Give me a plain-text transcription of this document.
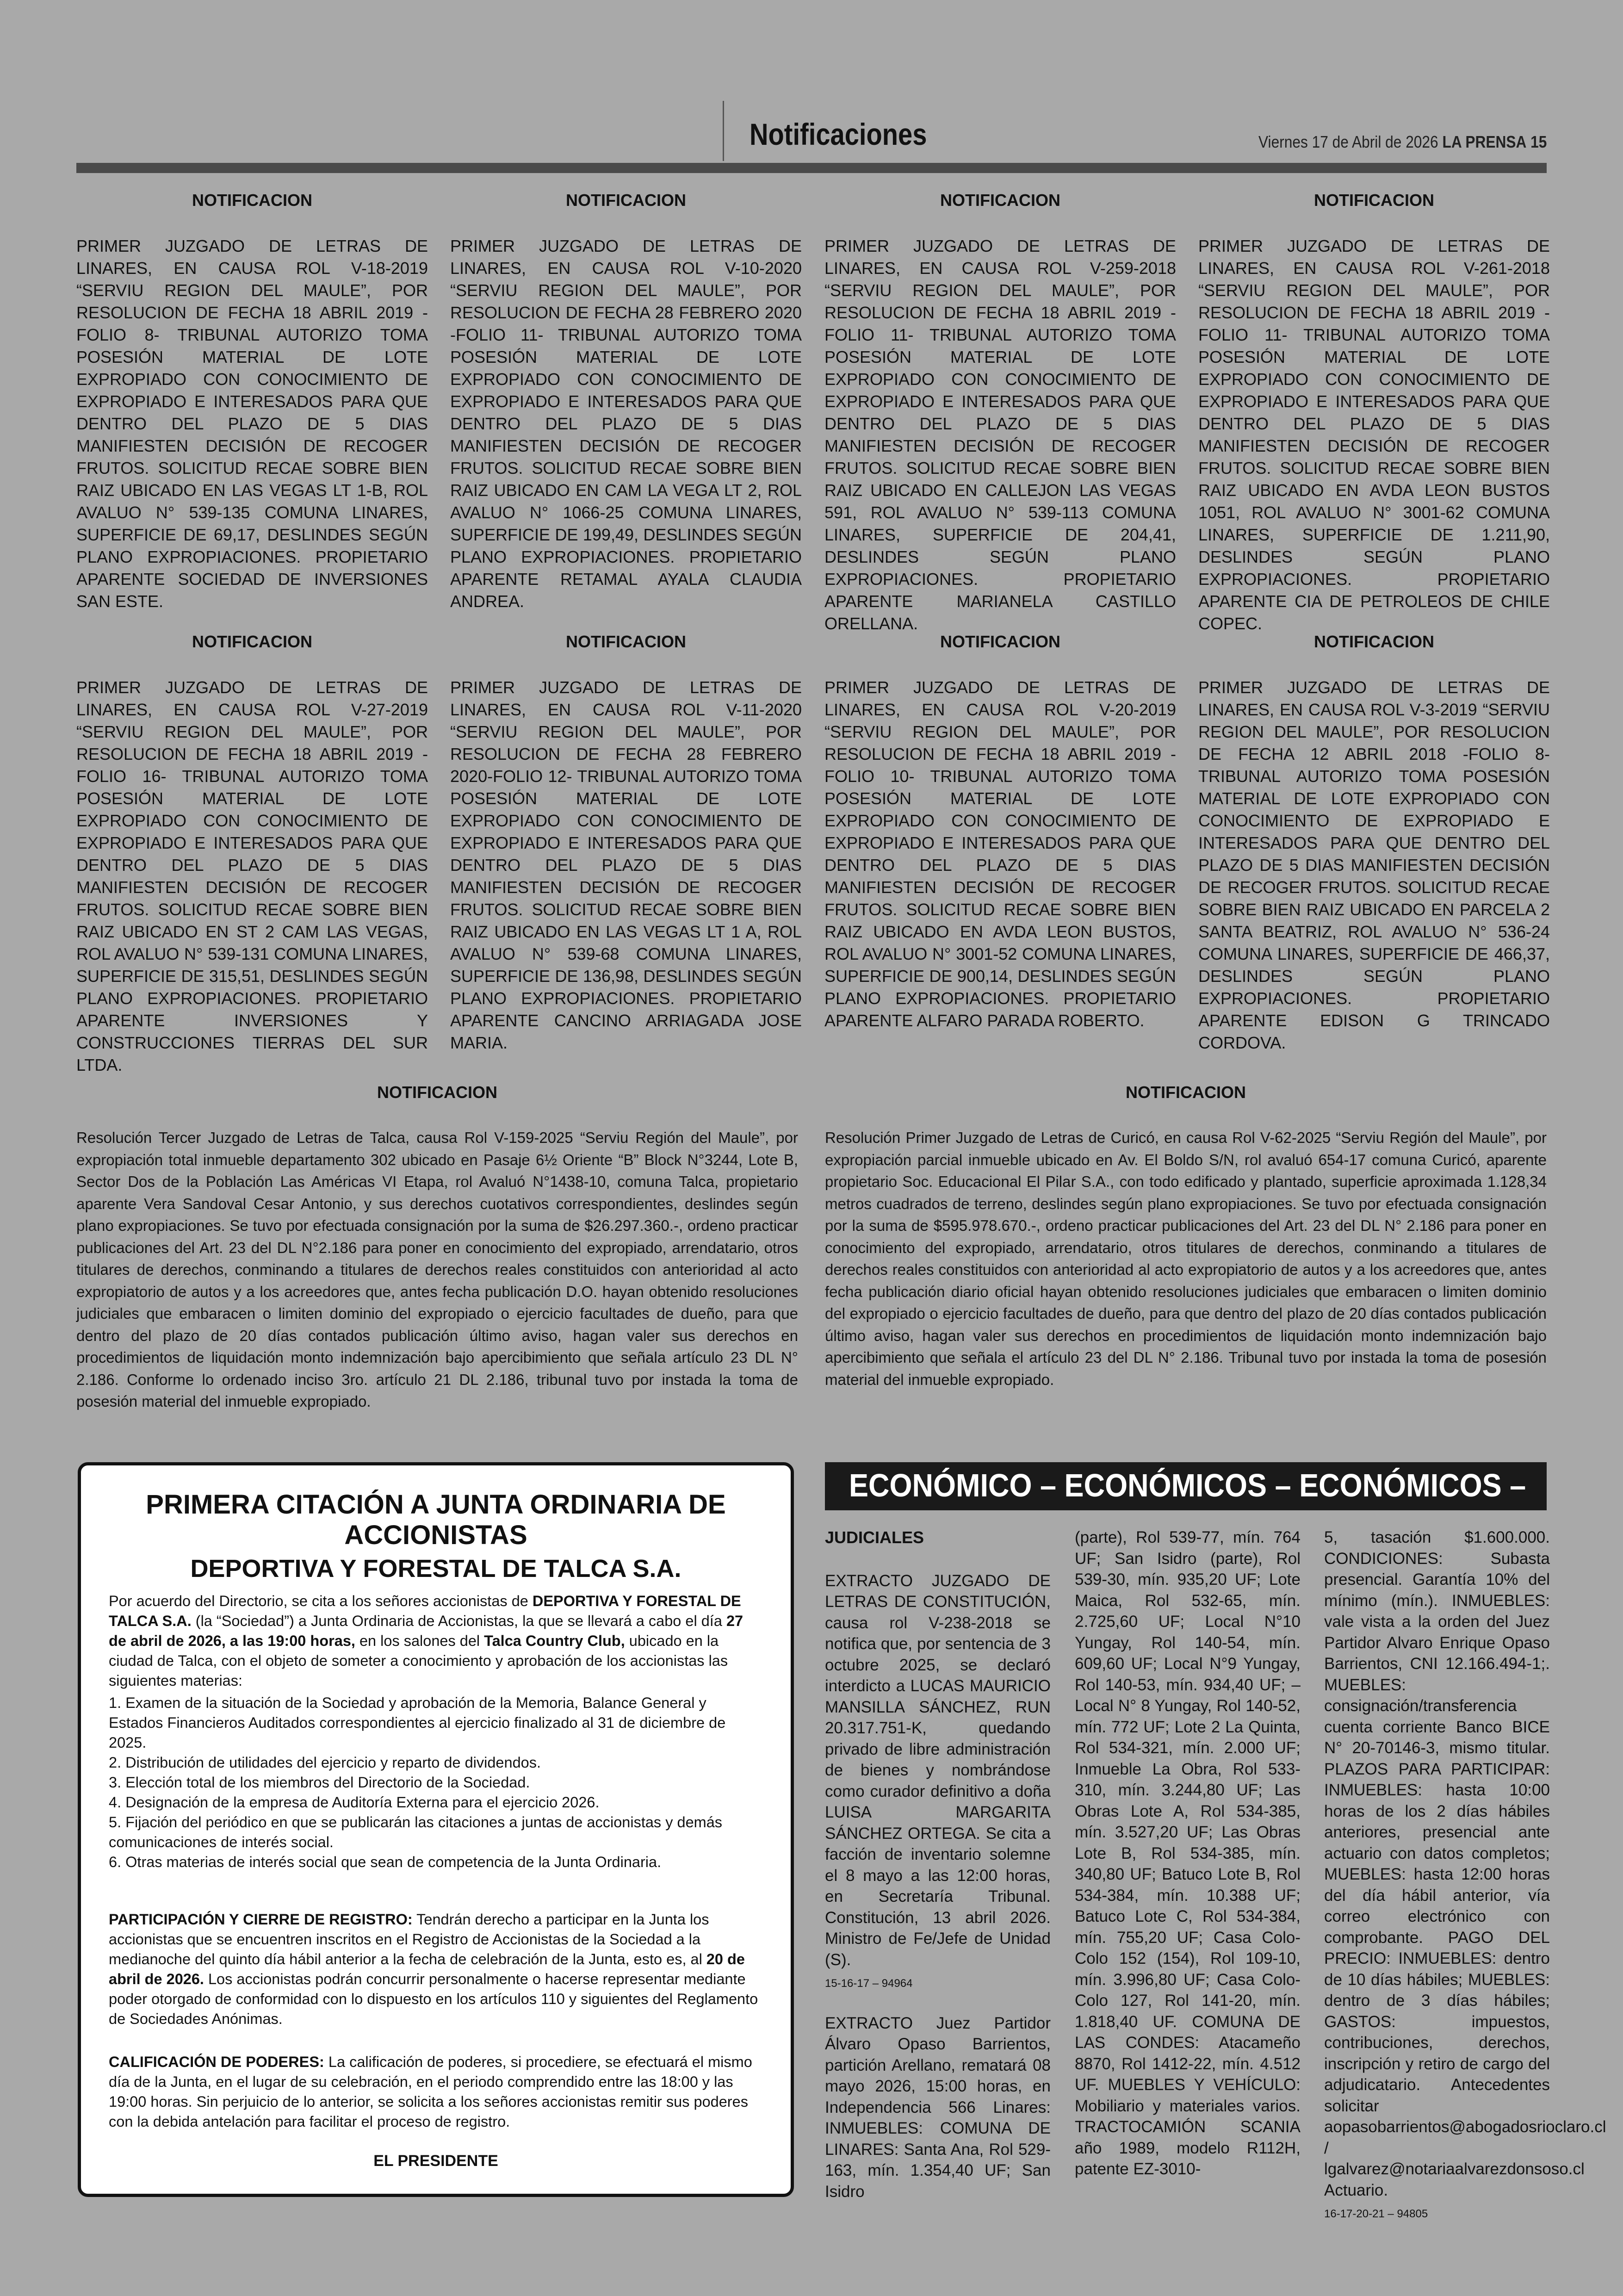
Notificaciones	Viernes 17 de Abril de 2026 LA PRENSA 15
NOTIFICACION
PRIMER JUZGADO DE LETRAS DE LINARES, EN CAUSA ROL V-18-2019 “SERVIU REGION DEL MAULE”, POR RESOLUCION DE FECHA 18 ABRIL 2019 -FOLIO 8- TRIBUNAL AUTORIZO TOMA POSESIÓN MATERIAL DE LOTE EXPROPIADO CON CONOCIMIENTO DE EXPROPIADO E INTERESADOS PARA QUE DENTRO DEL PLAZO DE 5 DIAS MANIFIESTEN DECISIÓN DE RECOGER FRUTOS. SOLICITUD RECAE SOBRE BIEN RAIZ UBICADO EN LAS VEGAS LT 1-B, ROL AVALUO N° 539-135 COMUNA LINARES, SUPERFICIE DE 69,17, DESLINDES SEGÚN PLANO EXPROPIACIONES. PROPIETARIO APARENTE SOCIEDAD DE INVERSIONES SAN ESTE.
NOTIFICACION
PRIMER JUZGADO DE LETRAS DE LINARES, EN CAUSA ROL V-10-2020 “SERVIU REGION DEL MAULE”, POR RESOLUCION DE FECHA 28 FEBRERO 2020 -FOLIO 11- TRIBUNAL AUTORIZO TOMA POSESIÓN MATERIAL DE LOTE EXPROPIADO CON CONOCIMIENTO DE EXPROPIADO E INTERESADOS PARA QUE DENTRO DEL PLAZO DE 5 DIAS MANIFIESTEN DECISIÓN DE RECOGER FRUTOS. SOLICITUD RECAE SOBRE BIEN RAIZ UBICADO EN CAM LA VEGA LT 2, ROL AVALUO N° 1066-25 COMUNA LINARES, SUPERFICIE DE 199,49, DESLINDES SEGÚN PLANO EXPROPIACIONES. PROPIETARIO APARENTE RETAMAL AYALA CLAUDIA ANDREA.
NOTIFICACION
PRIMER JUZGADO DE LETRAS DE LINARES, EN CAUSA ROL V-259-2018 “SERVIU REGION DEL MAULE”, POR RESOLUCION DE FECHA 18 ABRIL 2019 -FOLIO 11- TRIBUNAL AUTORIZO TOMA POSESIÓN MATERIAL DE LOTE EXPROPIADO CON CONOCIMIENTO DE EXPROPIADO E INTERESADOS PARA QUE DENTRO DEL PLAZO DE 5 DIAS MANIFIESTEN DECISIÓN DE RECOGER FRUTOS. SOLICITUD RECAE SOBRE BIEN RAIZ UBICADO EN CALLEJON LAS VEGAS 591, ROL AVALUO N° 539-113 COMUNA LINARES, SUPERFICIE DE 204,41, DESLINDES SEGÚN PLANO EXPROPIACIONES. PROPIETARIO APARENTE MARIANELA CASTILLO ORELLANA.
NOTIFICACION
PRIMER JUZGADO DE LETRAS DE LINARES, EN CAUSA ROL V-261-2018 “SERVIU REGION DEL MAULE”, POR RESOLUCION DE FECHA 18 ABRIL 2019 -FOLIO 11- TRIBUNAL AUTORIZO TOMA POSESIÓN MATERIAL DE LOTE EXPROPIADO CON CONOCIMIENTO DE EXPROPIADO E INTERESADOS PARA QUE DENTRO DEL PLAZO DE 5 DIAS MANIFIESTEN DECISIÓN DE RECOGER FRUTOS. SOLICITUD RECAE SOBRE BIEN RAIZ UBICADO EN AVDA LEON BUSTOS 1051, ROL AVALUO N° 3001-62 COMUNA LINARES, SUPERFICIE DE 1.211,90, DESLINDES SEGÚN PLANO EXPROPIACIONES. PROPIETARIO APARENTE CIA DE PETROLEOS DE CHILE COPEC.
NOTIFICACION
PRIMER JUZGADO DE LETRAS DE LINARES, EN CAUSA ROL V-27-2019 “SERVIU REGION DEL MAULE”, POR RESOLUCION DE FECHA 18 ABRIL 2019 -FOLIO 16- TRIBUNAL AUTORIZO TOMA POSESIÓN MATERIAL DE LOTE EXPROPIADO CON CONOCIMIENTO DE EXPROPIADO E INTERESADOS PARA QUE DENTRO DEL PLAZO DE 5 DIAS MANIFIESTEN DECISIÓN DE RECOGER FRUTOS. SOLICITUD RECAE SOBRE BIEN RAIZ UBICADO EN ST 2 CAM LAS VEGAS, ROL AVALUO N° 539-131 COMUNA LINARES, SUPERFICIE DE 315,51, DESLINDES SEGÚN PLANO EXPROPIACIONES. PROPIETARIO APARENTE INVERSIONES Y CONSTRUCCIONES TIERRAS DEL SUR LTDA.
NOTIFICACION
PRIMER JUZGADO DE LETRAS DE LINARES, EN CAUSA ROL V-11-2020 “SERVIU REGION DEL MAULE”, POR RESOLUCION DE FECHA 28 FEBRERO 2020-FOLIO 12- TRIBUNAL AUTORIZO TOMA POSESIÓN MATERIAL DE LOTE EXPROPIADO CON CONOCIMIENTO DE EXPROPIADO E INTERESADOS PARA QUE DENTRO DEL PLAZO DE 5 DIAS MANIFIESTEN DECISIÓN DE RECOGER FRUTOS. SOLICITUD RECAE SOBRE BIEN RAIZ UBICADO EN LAS VEGAS LT 1 A, ROL AVALUO N° 539-68 COMUNA LINARES, SUPERFICIE DE 136,98, DESLINDES SEGÚN PLANO EXPROPIACIONES. PROPIETARIO APARENTE CANCINO ARRIAGADA JOSE MARIA.
NOTIFICACION
PRIMER JUZGADO DE LETRAS DE LINARES, EN CAUSA ROL V-20-2019 “SERVIU REGION DEL MAULE”, POR RESOLUCION DE FECHA 18 ABRIL 2019 -FOLIO 10- TRIBUNAL AUTORIZO TOMA POSESIÓN MATERIAL DE LOTE EXPROPIADO CON CONOCIMIENTO DE EXPROPIADO E INTERESADOS PARA QUE DENTRO DEL PLAZO DE 5 DIAS MANIFIESTEN DECISIÓN DE RECOGER FRUTOS. SOLICITUD RECAE SOBRE BIEN RAIZ UBICADO EN AVDA LEON BUSTOS, ROL AVALUO N° 3001-52 COMUNA LINARES, SUPERFICIE DE 900,14, DESLINDES SEGÚN PLANO EXPROPIACIONES. PROPIETARIO APARENTE ALFARO PARADA ROBERTO.
NOTIFICACION
PRIMER JUZGADO DE LETRAS DE LINARES, EN CAUSA ROL V-3-2019 “SERVIU REGION DEL MAULE”, POR RESOLUCION DE FECHA 12 ABRIL 2018 -FOLIO 8- TRIBUNAL AUTORIZO TOMA POSESIÓN MATERIAL DE LOTE EXPROPIADO CON CONOCIMIENTO DE EXPROPIADO E INTERESADOS PARA QUE DENTRO DEL PLAZO DE 5 DIAS MANIFIESTEN DECISIÓN DE RECOGER FRUTOS. SOLICITUD RECAE SOBRE BIEN RAIZ UBICADO EN PARCELA 2 SANTA BEATRIZ, ROL AVALUO N° 536-24 COMUNA LINARES, SUPERFICIE DE 466,37, DESLINDES SEGÚN PLANO EXPROPIACIONES. PROPIETARIO APARENTE EDISON G TRINCADO CORDOVA.
NOTIFICACION
Resolución Tercer Juzgado de Letras de Talca, causa Rol V-159-2025 “Serviu Región del Maule”, por expropiación total inmueble departamento 302 ubicado en Pasaje 6½ Oriente “B” Block N°3244, Lote B, Sector Dos de la Población Las Américas VI Etapa, rol Avaluó N°1438-10, comuna Talca, propietario aparente Vera Sandoval Cesar Antonio, y sus derechos cuotativos correspondientes, deslindes según plano expropiaciones. Se tuvo por efectuada consignación por la suma de $26.297.360.-, ordeno practicar publicaciones del Art. 23 del DL N°2.186 para poner en conocimiento del expropiado, arrendatario, otros titulares de derechos, conminando a titulares de derechos reales constituidos con anterioridad al acto expropiatorio de autos y a los acreedores que, antes fecha publicación D.O. hayan obtenido resoluciones judiciales que embaracen o limiten dominio del expropiado o ejercicio facultades de dueño, para que dentro del plazo de 20 días contados publicación último aviso, hagan valer sus derechos en procedimientos de liquidación monto indemnización bajo apercibimiento que señala artículo 23 DL N° 2.186. Conforme lo ordenado inciso 3ro. artículo 21 DL 2.186, tribunal tuvo por instada la toma de posesión material del inmueble expropiado.
NOTIFICACION
Resolución Primer Juzgado de Letras de Curicó, en causa Rol V-62-2025 “Serviu Región del Maule”, por expropiación parcial inmueble ubicado en Av. El Boldo S/N, rol avaluó 654-17 comuna Curicó, aparente propietario Soc. Educacional El Pilar S.A., con todo edificado y plantado, superficie aproximada 1.128,34 metros cuadrados de terreno, deslindes según plano expropiaciones. Se tuvo por efectuada consignación por la suma de $595.978.670.-, ordeno practicar publicaciones del Art. 23 del DL N° 2.186 para poner en conocimiento del expropiado, arrendatario, otros titulares de derechos, conminando a titulares de derechos reales constituidos con anterioridad al acto expropiatorio de autos y a los acreedores que, antes fecha publicación diario oficial hayan obtenido resoluciones judiciales que embaracen o limiten dominio del expropiado o ejercicio facultades de dueño, para que dentro del plazo de 20 días contados publicación último aviso, hagan valer sus derechos en procedimientos de liquidación monto indemnización bajo apercibimiento que señala el artículo 23 del DL N° 2.186. Tribunal tuvo por instada la toma de posesión material del inmueble expropiado.
PRIMERA CITACIÓN A JUNTA ORDINARIA DE ACCIONISTAS
DEPORTIVA Y FORESTAL DE TALCA S.A.
Por acuerdo del Directorio, se cita a los señores accionistas de DEPORTIVA Y FORESTAL DE TALCA S.A. (la “Sociedad”) a Junta Ordinaria de Accionistas, la que se llevará a cabo el día 27 de abril de 2026, a las 19:00 horas, en los salones del Talca Country Club, ubicado en la ciudad de Talca, con el objeto de someter a conocimiento y aprobación de los accionistas las siguientes materias:
1. Examen de la situación de la Sociedad y aprobación de la Memoria, Balance General y Estados Financieros Auditados correspondientes al ejercicio finalizado al 31 de diciembre de 2025.
2. Distribución de utilidades del ejercicio y reparto de dividendos.
3. Elección total de los miembros del Directorio de la Sociedad.
4. Designación de la empresa de Auditoría Externa para el ejercicio 2026.
5. Fijación del periódico en que se publicarán las citaciones a juntas de accionistas y demás comunicaciones de interés social.
6. Otras materias de interés social que sean de competencia de la Junta Ordinaria.
PARTICIPACIÓN Y CIERRE DE REGISTRO: Tendrán derecho a participar en la Junta los accionistas que se encuentren inscritos en el Registro de Accionistas de la Sociedad a la medianoche del quinto día hábil anterior a la fecha de celebración de la Junta, esto es, al 20 de abril de 2026. Los accionistas podrán concurrir personalmente o hacerse representar mediante poder otorgado de conformidad con lo dispuesto en los artículos 110 y siguientes del Reglamento de Sociedades Anónimas.
CALIFICACIÓN DE PODERES: La calificación de poderes, si procediere, se efectuará el mismo día de la Junta, en el lugar de su celebración, en el periodo comprendido entre las 18:00 y las 19:00 horas. Sin perjuicio de lo anterior, se solicita a los señores accionistas remitir sus poderes con la debida antelación para facilitar el proceso de registro.
EL PRESIDENTE
ECONÓMICO – ECONÓMICOS – ECONÓMICOS –
JUDICIALES
EXTRACTO JUZGADO DE LETRAS DE CONSTITUCIÓN, causa rol V-238-2018 se notifica que, por sentencia de 3 octubre 2025, se declaró interdicto a LUCAS MAURICIO MANSILLA SÁNCHEZ, RUN 20.317.751-K, quedando privado de libre administración de bienes y nombrándose como curador definitivo a doña LUISA MARGARITA SÁNCHEZ ORTEGA. Se cita a facción de inventario solemne el 8 mayo a las 12:00 horas, en Secretaría Tribunal. Constitución, 13 abril 2026. Ministro de Fe/Jefe de Unidad (S).
15-16-17 – 94964
EXTRACTO Juez Partidor Álvaro Opaso Barrientos, partición Arellano, rematará 08 mayo 2026, 15:00 horas, en Independencia 566 Linares: INMUEBLES: COMUNA DE LINARES: Santa Ana, Rol 529-163, mín. 1.354,40 UF; San Isidro
(parte), Rol 539-77, mín. 764 UF; San Isidro (parte), Rol 539-30, mín. 935,20 UF; Lote Maica, Rol 532-65, mín. 2.725,60 UF; Local N°10 Yungay, Rol 140-54, mín. 609,60 UF; Local N°9 Yungay, Rol 140-53, mín. 934,40 UF; – Local N° 8 Yungay, Rol 140-52, mín. 772 UF; Lote 2 La Quinta, Rol 534-321, mín. 2.000 UF; Inmueble La Obra, Rol 533-310, mín. 3.244,80 UF; Las Obras Lote A, Rol 534-385, mín. 3.527,20 UF; Las Obras Lote B, Rol 534-385, mín. 340,80 UF; Batuco Lote B, Rol 534-384, mín. 10.388 UF; Batuco Lote C, Rol 534-384, mín. 755,20 UF; Casa Colo-Colo 152 (154), Rol 109-10, mín. 3.996,80 UF; Casa Colo-Colo 127, Rol 141-20, mín. 1.818,40 UF. COMUNA DE LAS CONDES: Atacameño 8870, Rol 1412-22, mín. 4.512 UF. MUEBLES Y VEHÍCULO: Mobiliario y materiales varios. TRACTOCAMIÓN SCANIA año 1989, modelo R112H, patente EZ-3010-
5, tasación $1.600.000. CONDICIONES: Subasta presencial. Garantía 10% del mínimo (mín.). INMUEBLES: vale vista a la orden del Juez Partidor Alvaro Enrique Opaso Barrientos, CNI 12.166.494-1;. MUEBLES: consignación/transferencia cuenta corriente Banco BICE N° 20-70146-3, mismo titular. PLAZOS PARA PARTICIPAR: INMUEBLES: hasta 10:00 horas de los 2 días hábiles anteriores, presencial ante actuario con datos completos; MUEBLES: hasta 12:00 horas del día hábil anterior, vía correo electrónico con comprobante. PAGO DEL PRECIO: INMUEBLES: dentro de 10 días hábiles; MUEBLES: dentro de 3 días hábiles; GASTOS: impuestos, contribuciones, derechos, inscripción y retiro de cargo del adjudicatario. Antecedentes solicitar aopasobarrientos@abogadosrioclaro.cl / lgalvarez@notariaalvarezdonsoso.cl Actuario.
16-17-20-21 – 94805
